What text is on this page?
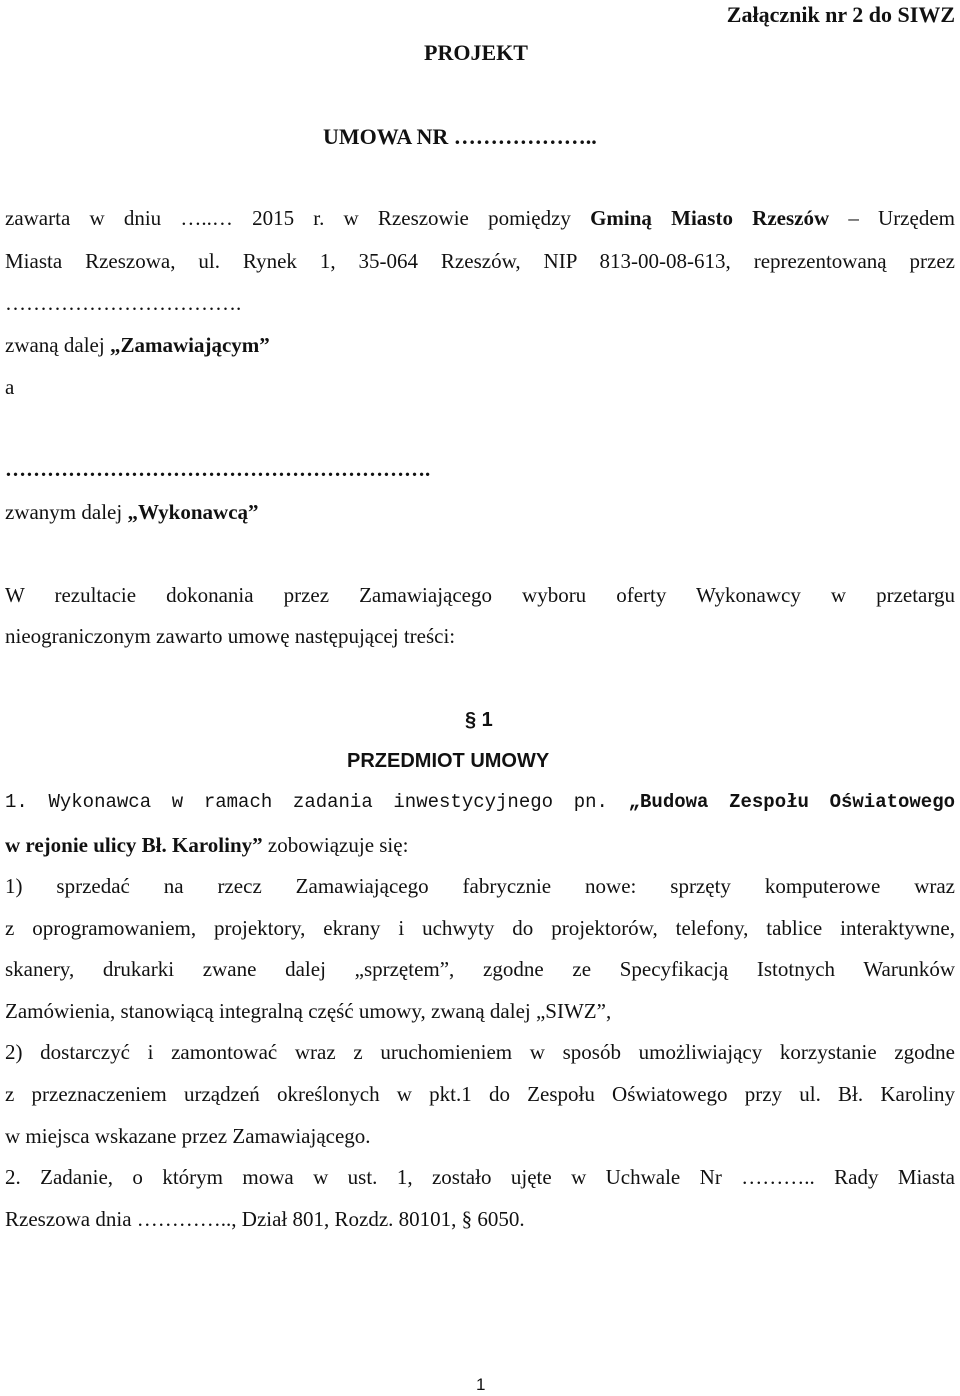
Załącznik nr 2 do SIWZ
PROJEKT
UMOWA NR ………………..
zawarta w dniu …..… 2015 r. w Rzeszowie pomiędzy Gminą Miasto Rzeszów – Urzędem
Miasta Rzeszowa, ul. Rynek 1, 35-064 Rzeszów, NIP 813-00-08-613, reprezentowaną przez
…………………………….
zwaną dalej „Zamawiającym”
a
…………………………………………………….
zwanym dalej „Wykonawcą”
W rezultacie dokonania przez Zamawiającego wyboru oferty Wykonawcy w przetargu
nieograniczonym zawarto umowę następującej treści:
§ 1
PRZEDMIOT UMOWY
1. Wykonawca w ramach zadania inwestycyjnego pn. „Budowa Zespołu Oświatowego
w rejonie ulicy Bł. Karoliny” zobowiązuje się:
1) sprzedać na rzecz Zamawiającego fabrycznie nowe: sprzęty komputerowe wraz
z oprogramowaniem, projektory, ekrany i uchwyty do projektorów, telefony, tablice interaktywne,
skanery, drukarki zwane dalej „sprzętem”, zgodne ze Specyfikacją Istotnych Warunków
Zamówienia, stanowiącą integralną część umowy, zwaną dalej „SIWZ”,
2) dostarczyć i zamontować wraz z uruchomieniem w sposób umożliwiający korzystanie zgodne
z przeznaczeniem urządzeń określonych w pkt.1 do Zespołu Oświatowego przy ul. Bł. Karoliny
w miejsca wskazane przez Zamawiającego.
2. Zadanie, o którym mowa w ust. 1, zostało ujęte w Uchwale Nr ……….. Rady Miasta
Rzeszowa dnia ………….., Dział 801, Rozdz. 80101, § 6050.
1
